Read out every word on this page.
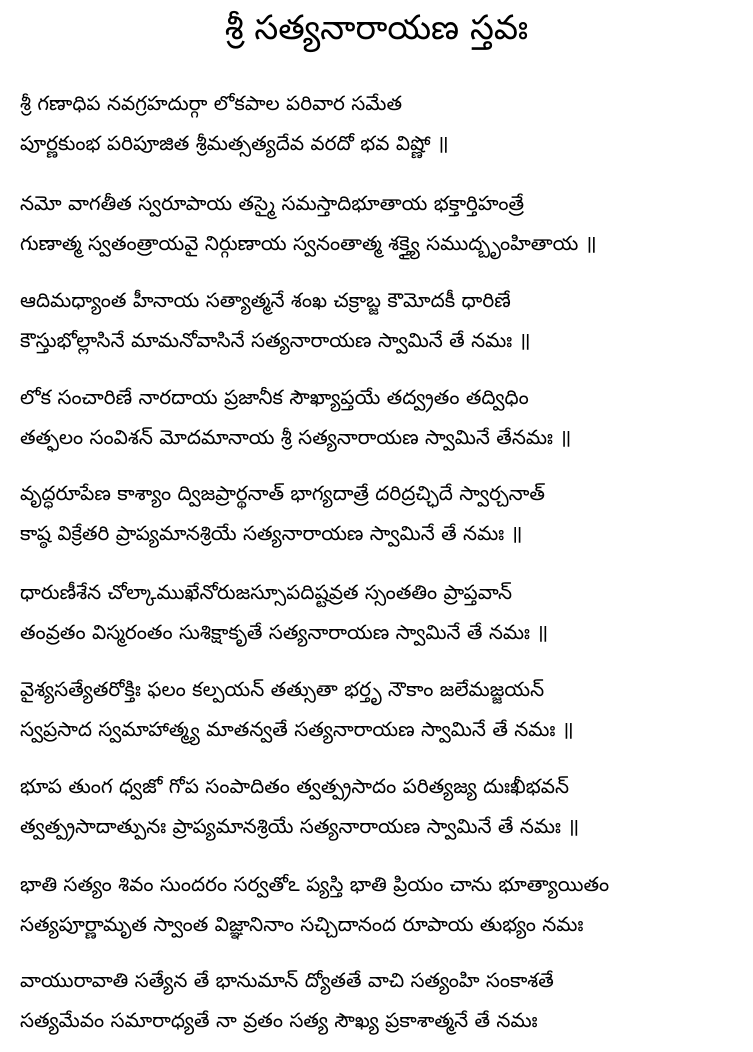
శ్రీ సత్యనారాయణ స్తవః
శ్రీ గణాధిప నవగ్రహదుర్గా లోకపాల పరివార సమేత
పూర్ణకుంభ పరిపూజిత శ్రీమత్సత్యదేవ వరదో భవ విష్ణో ॥
నమో వాగతీత స్వరూపాయ తస్మై సమస్తాదిభూతాయ భక్తార్తిహంత్రే
గుణాత్మ స్వతంత్రాయవై నిర్గుణాయ స్వనంతాత్మ శక్త్యై సముద్బృంహితాయ ॥
ఆదిమధ్యాంత హీనాయ సత్యాత్మనే శంఖ చక్రాబ్జ కౌమోదకీ ధారిణే
కౌస్తుభోల్లాసినే మామనోవాసినే సత్యనారాయణ స్వామినే తే నమః ॥
లోక సంచారిణే నారదాయ ప్రజానీక సౌఖ్యాప్తయే తద్వ్రతం తద్విధిం
తత్ఫలం సంవిశన్ మోదమానాయ శ్రీ సత్యనారాయణ స్వామినే తేనమః ॥
వృద్ధరూపేణ కాశ్యాం ద్విజప్రార్థనాత్ భాగ్యదాత్రే దరిద్రచ్ఛిదే స్వార్చనాత్
కాష్ఠ విక్రేతరి ప్రాప్యమానశ్రియే సత్యనారాయణ స్వామినే తే నమః ॥
ధారుణీశేన చోల్కాముఖేనోరుజస్సూపదిష్టవ్రత స్సంతతిం ప్రాప్తవాన్
తంవ్రతం విస్మరంతం సుశిక్షాకృతే సత్యనారాయణ స్వామినే తే నమః ॥
వైశ్యసత్యేతరోక్తిః ఫలం కల్పయన్ తత్సుతా భర్తృ నౌకాం జలేమజ్జయన్
స్వప్రసాద స్వమాహాత్మ్య మాతన్వతే సత్యనారాయణ స్వామినే తే నమః ॥
భూప తుంగ ధ్వజో గోప సంపాదితం త్వత్ప్రసాదం పరిత్యజ్య దుఃఖీభవన్
త్వత్ప్రసాదాత్పునః ప్రాప్యమానశ్రియే సత్యనారాయణ స్వామినే తే నమః ॥
భాతి సత్యం శివం సుందరం సర్వతోఽ ప్యస్తి భాతి ప్రియం చాను భూత్యాయితం
సత్యపూర్ణామృత స్వాంత విజ్ఞానినాం సచ్చిదానంద రూపాయ తుభ్యం నమః
వాయురావాతి సత్యేన తే భానుమాన్ ద్యోతతే వాచి సత్యంహి సంకాశతే
సత్యమేవం సమారాధ్యతే నా వ్రతం సత్య సౌఖ్య ప్రకాశాత్మనే తే నమః
